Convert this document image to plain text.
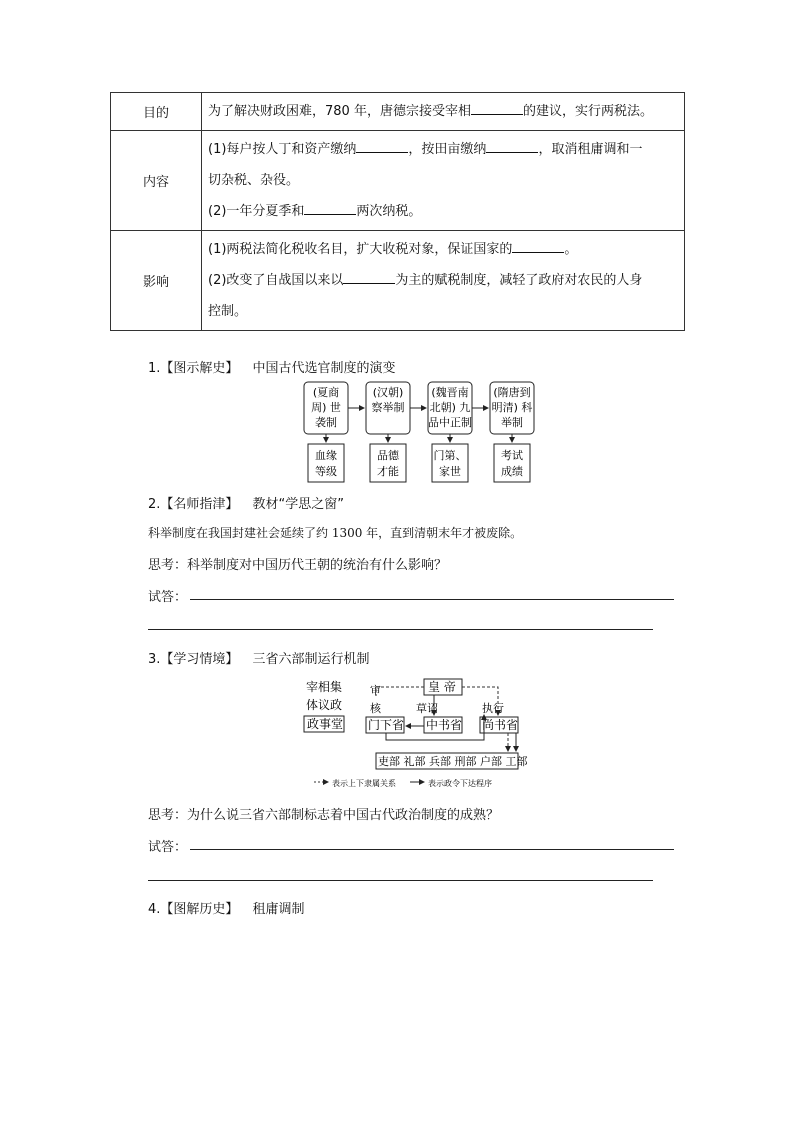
目的	为了解决财政困难，780 年，唐德宗接受宰相 的建议，实行两税法。

内容	(1)每户按人丁和资产缴纳 ，按田亩缴纳 ，取消租庸调和一

切杂税、杂役。

(2)一年分夏季和 两次纳税。

影响	(1)两税法简化税收名目，扩大收税对象，保证国家的 。

(2)改变了自战国以来以 为主的赋税制度，减轻了政府对农民的人身

控制。

1.【图示解史】 中国古代选官制度的演变
(夏商
周) 世
袭制
血缘
等级
(汉朝)
察举制
品德
才能
(魏晋南
北朝) 九
品中正制
门第、
家世
(隋唐到
明清) 科
举制
考试
成绩
2.【名师指津】 教材“学思之窗”
科举制度在我国封建社会延续了约 1300 年，直到清朝末年才被废除。
思考：科举制度对中国历代王朝的统治有什么影响？
试答：
3.【学习情境】 三省六部制运行机制
宰相集
体议政
政事堂
皇 帝
审
核	草诏	执行
门下省 中书省 尚书省
吏部 礼部 兵部 刑部 户部 工部
表示上下隶属关系	表示政令下达程序
思考：为什么说三省六部制标志着中国古代政治制度的成熟？
试答：
4.【图解历史】 租庸调制
